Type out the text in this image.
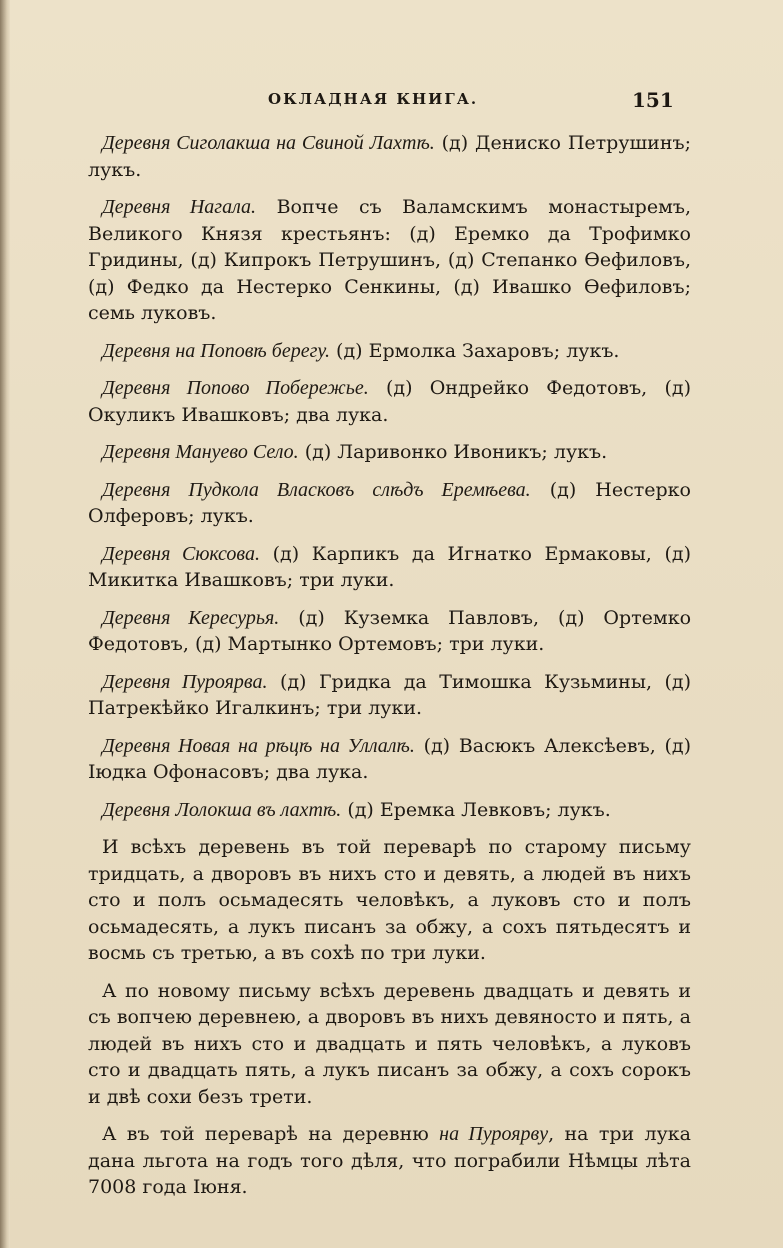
ОКЛАДНАЯ КНИГА.	151

Деревня Сиголакша на Свиной Лахтѣ. (д) Дениско Петрушинъ; лукъ.

Деревня Нагала. Вопче съ Валамскимъ монастыремъ, Великого Князя крестьянъ: (д) Еремко да Трофимко Гридины, (д) Кипрокъ Петрушинъ, (д) Степанко Ѳефиловъ, (д) Федко да Нестерко Сенкины, (д) Ивашко Ѳефиловъ; семь луковъ.

Деревня на Поповѣ берегу. (д) Ермолка Захаровъ; лукъ.

Деревня Попово Побережье. (д) Ондрейко Федотовъ, (д) Окуликъ Ивашковъ; два лука.

Деревня Мануево Село. (д) Ларивонко Ивоникъ; лукъ.

Деревня Пудкола Власковъ слѣдъ Еремѣева. (д) Нестерко Олферовъ; лукъ.

Деревня Сюксова. (д) Карпикъ да Игнатко Ермаковы, (д) Микитка Ивашковъ; три луки.

Деревня Кересурья. (д) Куземка Павловъ, (д) Ортемко Федотовъ, (д) Мартынко Ортемовъ; три луки.

Деревня Пуроярва. (д) Гридка да Тимошка Кузьмины, (д) Патрекѣйко Игалкинъ; три луки.

Деревня Новая на рѣцѣ на Уллалѣ. (д) Васюкъ Алексѣевъ, (д) Іюдка Офонасовъ; два лука.

Деревня Лолокша въ лахтѣ. (д) Еремка Левковъ; лукъ.

И всѣхъ деревень въ той переварѣ по старому письму тридцать, а дворовъ въ нихъ сто и девять, а людей въ нихъ сто и полъ осьмадесять человѣкъ, а луковъ сто и полъ осьмадесять, а лукъ писанъ за обжу, а сохъ пятьдесятъ и восмь съ третью, а въ сохѣ по три луки.

А по новому письму всѣхъ деревень двадцать и девять и съ вопчею деревнею, а дворовъ въ нихъ девяносто и пять, а людей въ нихъ сто и двадцать и пять человѣкъ, а луковъ сто и двадцать пять, а лукъ писанъ за обжу, а сохъ сорокъ и двѣ сохи безъ трети.

А въ той переварѣ на деревню на Пуроярву, на три лука дана льгота на годъ того дѣля, что пограбили Нѣмцы лѣта 7008 года Іюня.
